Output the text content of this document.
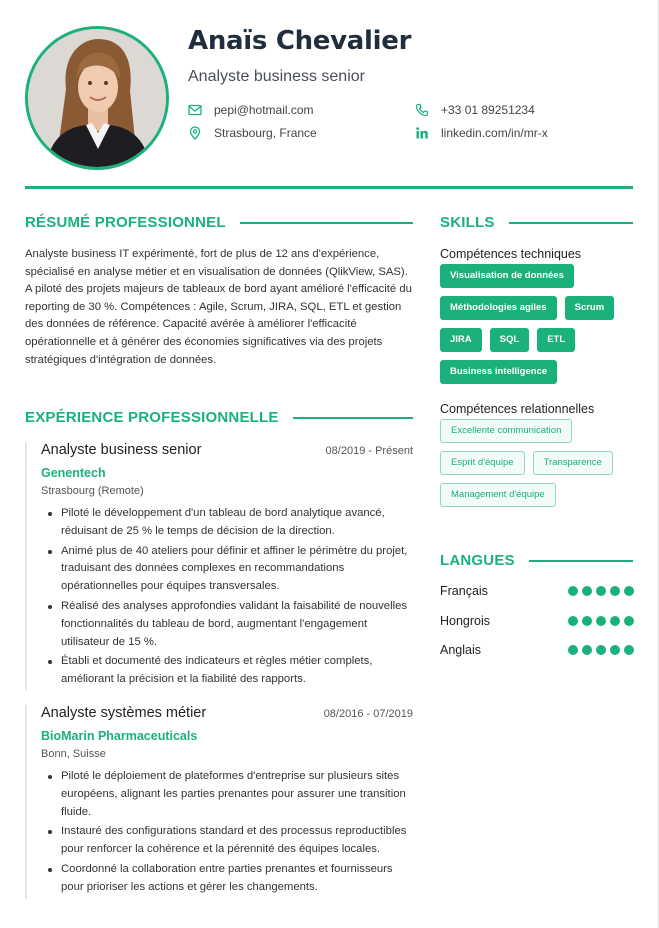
Anaïs Chevalier
Analyste business senior
pepi@hotmail.com	+33 01 89251234
Strasbourg, France	linkedin.com/in/mr-x
RÉSUMÉ PROFESSIONNEL

Analyste business IT expérimenté, fort de plus de 12 ans d'expérience, spécialisé en analyse métier et en visualisation de données (QlikView, SAS). A piloté des projets majeurs de tableaux de bord ayant amélioré l'efficacité du reporting de 30 %. Compétences : Agile, Scrum, JIRA, SQL, ETL et gestion des données de référence. Capacité avérée à améliorer l'efficacité opérationnelle et à générer des économies significatives via des projets stratégiques d'intégration de données.

EXPÉRIENCE PROFESSIONNELLE
Analyste business senior	08/2019 - Présent
Genentech
Strasbourg (Remote)
Piloté le développement d'un tableau de bord analytique avancé, réduisant de 25 % le temps de décision de la direction.
Animé plus de 40 ateliers pour définir et affiner le périmètre du projet, traduisant des données complexes en recommandations opérationnelles pour équipes transversales.
Réalisé des analyses approfondies validant la faisabilité de nouvelles fonctionnalités du tableau de bord, augmentant l'engagement utilisateur de 15 %.
Établi et documenté des indicateurs et règles métier complets, améliorant la précision et la fiabilité des rapports.
Analyste systèmes métier	08/2016 - 07/2019
BioMarin Pharmaceuticals
Bonn, Suisse
Piloté le déploiement de plateformes d'entreprise sur plusieurs sites européens, alignant les parties prenantes pour assurer une transition fluide.
Instauré des configurations standard et des processus reproductibles pour renforcer la cohérence et la pérennité des équipes locales.
Coordonné la collaboration entre parties prenantes et fournisseurs pour prioriser les actions et gérer les changements.
SKILLS
Compétences techniques
Visualisation de données
Méthodologies agiles	Scrum
JIRA	SQL	ETL
Business intelligence
Compétences relationnelles
Excellente communication
Esprit d'équipe	Transparence
Management d'équipe
LANGUES
Français
Hongrois
Anglais
